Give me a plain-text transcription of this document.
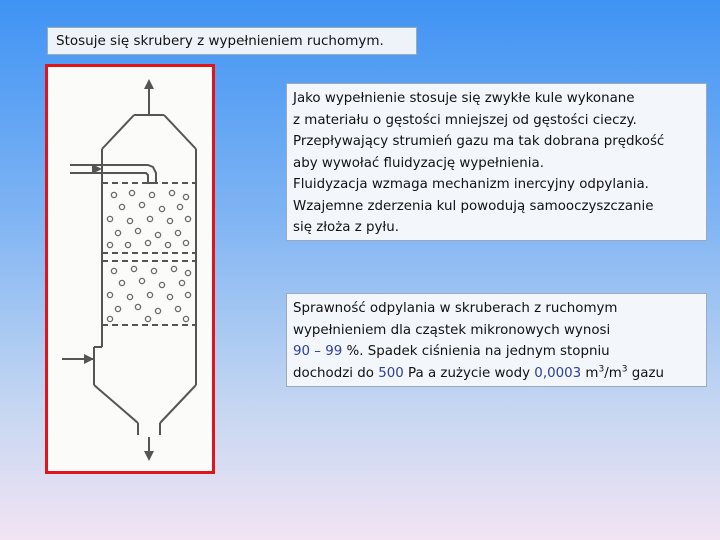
Stosuje się skrubery z wypełnieniem ruchomym.
Jako wypełnienie stosuje się zwykłe kule wykonane
z materiału o gęstości mniejszej od gęstości cieczy.
Przepływający strumień gazu ma tak dobrana prędkość
aby wywołać fluidyzację wypełnienia.
Fluidyzacja wzmaga mechanizm inercyjny odpylania.
Wzajemne zderzenia kul powodują samooczyszczanie
się złoża z pyłu.
Sprawność odpylania w skruberach z ruchomym
wypełnieniem dla cząstek mikronowych wynosi
90 – 99 %. Spadek ciśnienia na jednym stopniu
dochodzi do 500 Pa a zużycie wody 0,0003 $m^3/m^3$ gazu
